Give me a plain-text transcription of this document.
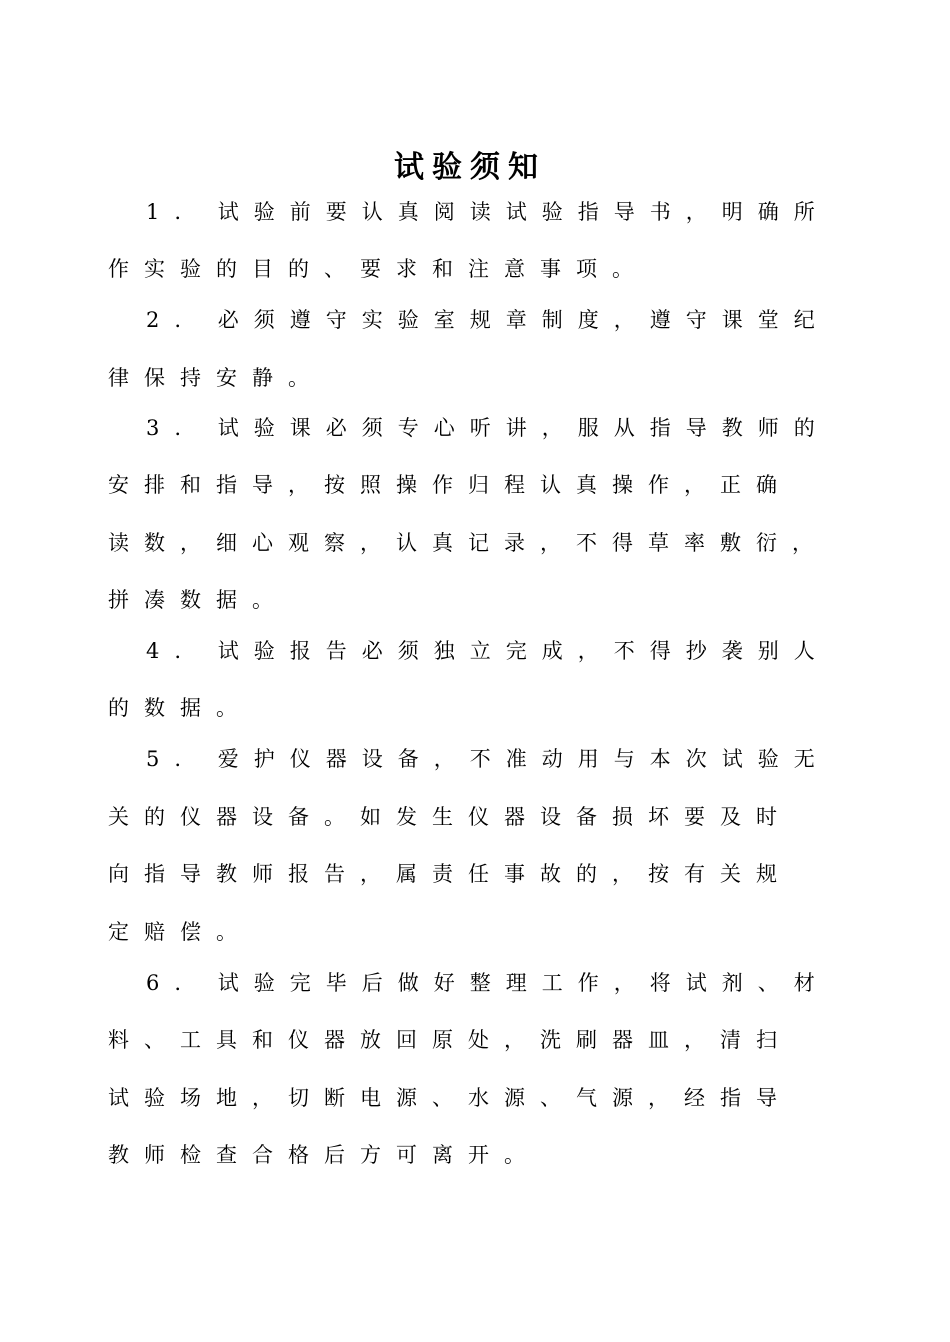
试验须知
1. 试验前要认真阅读试验指导书，明确所
作实验的目的、要求和注意事项。
2. 必须遵守实验室规章制度，遵守课堂纪
律保持安静。
3. 试验课必须专心听讲，服从指导教师的
安排和指导，按照操作归程认真操作，正确
读数，细心观察，认真记录，不得草率敷衍，
拼凑数据。
4. 试验报告必须独立完成，不得抄袭别人
的数据。
5. 爱护仪器设备，不准动用与本次试验无
关的仪器设备。如发生仪器设备损坏要及时
向指导教师报告，属责任事故的，按有关规
定赔偿。
6. 试验完毕后做好整理工作，将试剂、材
料、工具和仪器放回原处，洗刷器皿，清扫
试验场地，切断电源、水源、气源，经指导
教师检查合格后方可离开。
